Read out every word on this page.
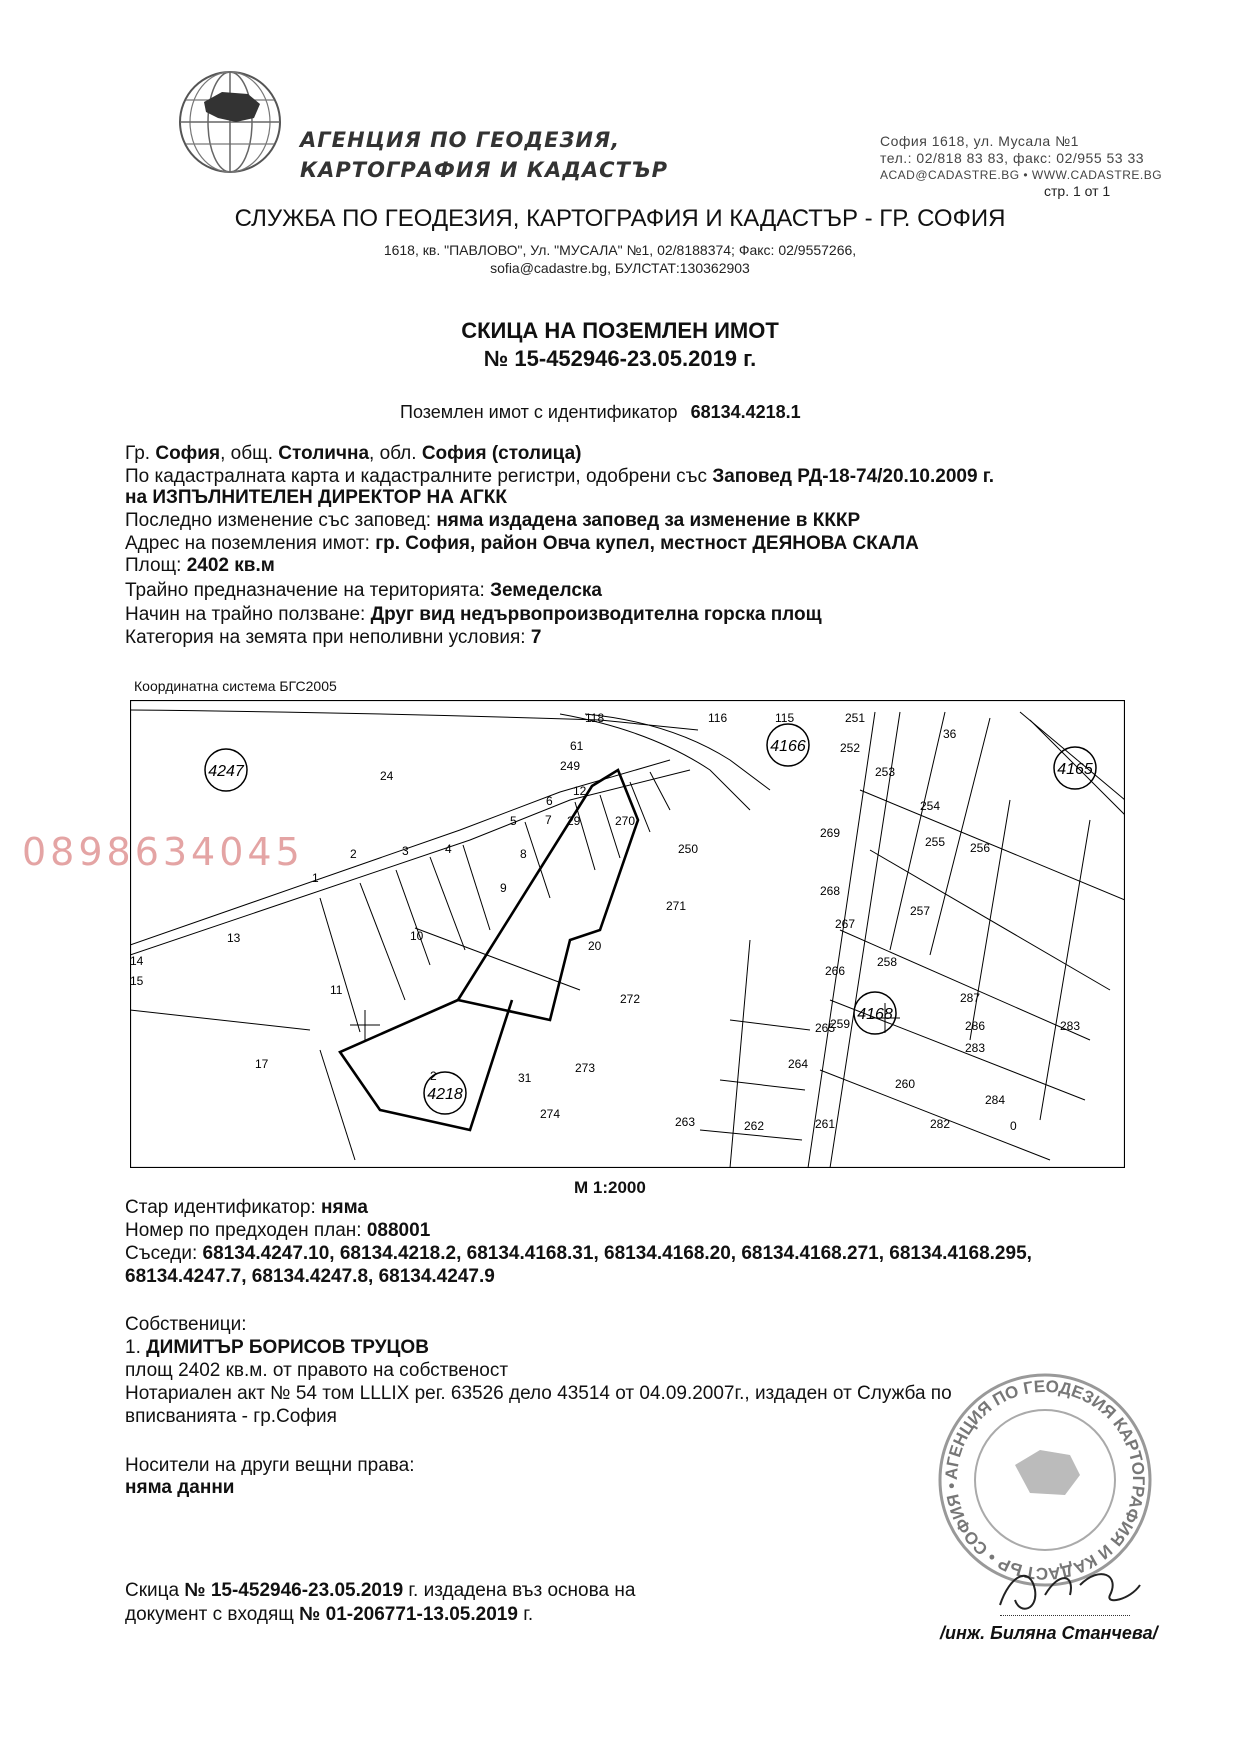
АГЕНЦИЯ ПО ГЕОДЕЗИЯ,
КАРТОГРАФИЯ И КАДАСТЪР
София 1618, ул. Мусала №1
тел.: 02/818 83 83, факс: 02/955 53 33
ACAD@CADASTRE.BG • WWW.CADASTRE.BG
стр. 1 от 1
СЛУЖБА ПО ГЕОДЕЗИЯ, КАРТОГРАФИЯ И КАДАСТЪР - ГР. СОФИЯ
1618, кв. "ПАВЛОВО", Ул. "МУСАЛА" №1, 02/8188374; Факс: 02/9557266,
sofia@cadastre.bg, БУЛСТАТ:130362903
СКИЦА НА ПОЗЕМЛЕН ИМОТ
№ 15-452946-23.05.2019 г.
Поземлен имот с идентификатор 68134.4218.1
Гр. София, общ. Столична, обл. София (столица)
По кадастралната карта и кадастралните регистри, одобрени със Заповед РД-18-74/20.10.2009 г.
на ИЗПЪЛНИТЕЛЕН ДИРЕКТОР НА АГКК
Последно изменение със заповед: няма издадена заповед за изменение в КККР
Адрес на поземления имот: гр. София, район Овча купел, местност ДЕЯНОВА СКАЛА
Площ: 2402 кв.м
Трайно предназначение на територията: Земеделска
Начин на трайно ползване: Друг вид недървопроизводителна горска площ
Категория на земята при неполивни условия: 7
Координатна система БГС2005
118	116	115	251
61
249
24
12
6
5 7 29	270
252
253
254
36
269
255 256
4
3
2	8
1
9
250
268
267
257
271
10
13
20
266
258
14
15
11
272
265
259
287
286
17
2
273
31
264
260
283
284
274
263	262	261	282	0
283
4247
4166
4165
4168
4218
0898634045
М 1:2000
Стар идентификатор: няма
Номер по предходен план: 088001
Съседи: 68134.4247.10, 68134.4218.2, 68134.4168.31, 68134.4168.20, 68134.4168.271, 68134.4168.295,
68134.4247.7, 68134.4247.8, 68134.4247.9
Собственици:
1. ДИМИТЪР БОРИСОВ ТРУЦОВ
площ 2402 кв.м. от правото на собственост
Нотариален акт № 54 том LLLIX рег. 63526 дело 43514 от 04.09.2007г., издаден от Служба по
вписванията - гр.София
Носители на други вещни права:
няма данни
Скица № 15-452946-23.05.2019 г. издадена въз основа на
документ с входящ № 01-206771-13.05.2019 г.
АГЕНЦИЯ ПО ГЕОДЕЗИЯ КАРТОГРАФИЯ И КАДАСТЪР • СОФИЯ •
/инж. Биляна Станчева/
